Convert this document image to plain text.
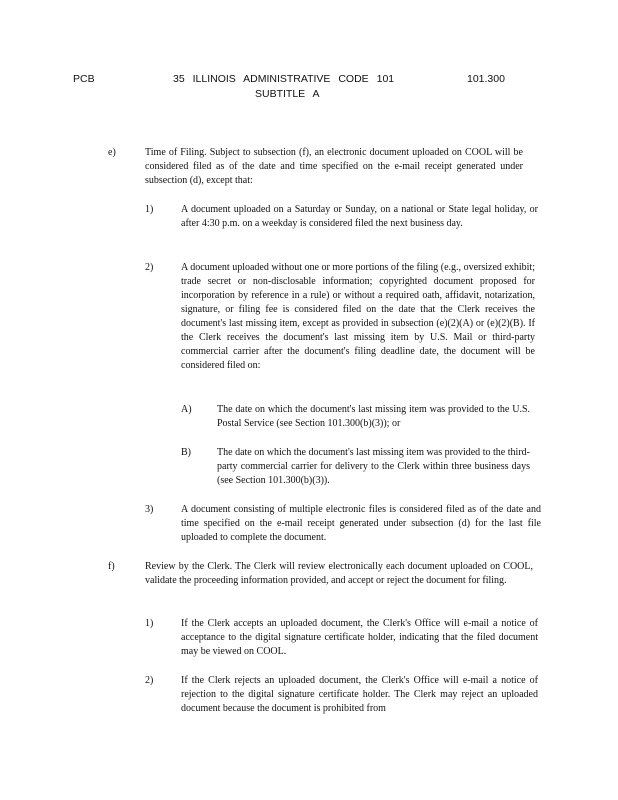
PCB	35 ILLINOIS ADMINISTRATIVE CODE 101	101.300
SUBTITLE A
e)	Time of Filing. Subject to subsection (f), an electronic document uploaded on COOL will be considered filed as of the date and time specified on the e-mail receipt generated under subsection (d), except that:
1)	A document uploaded on a Saturday or Sunday, on a national or State legal holiday, or after 4:30 p.m. on a weekday is considered filed the next business day.
2)	A document uploaded without one or more portions of the filing (e.g., oversized exhibit; trade secret or non-disclosable information; copyrighted document proposed for incorporation by reference in a rule) or without a required oath, affidavit, notarization, signature, or filing fee is considered filed on the date that the Clerk receives the document's last missing item, except as provided in subsection (e)(2)(A) or (e)(2)(B). If the Clerk receives the document's last missing item by U.S. Mail or third-party commercial carrier after the document's filing deadline date, the document will be considered filed on:
A)	The date on which the document's last missing item was provided to the U.S. Postal Service (see Section 101.300(b)(3)); or
B)	The date on which the document's last missing item was provided to the third-party commercial carrier for delivery to the Clerk within three business days (see Section 101.300(b)(3)).
3)	A document consisting of multiple electronic files is considered filed as of the date and time specified on the e-mail receipt generated under subsection (d) for the last file uploaded to complete the document.
f)	Review by the Clerk. The Clerk will review electronically each document uploaded on COOL, validate the proceeding information provided, and accept or reject the document for filing.
1)	If the Clerk accepts an uploaded document, the Clerk's Office will e-mail a notice of acceptance to the digital signature certificate holder, indicating that the filed document may be viewed on COOL.
2)	If the Clerk rejects an uploaded document, the Clerk's Office will e-mail a notice of rejection to the digital signature certificate holder. The Clerk may reject an uploaded document because the document is prohibited from
